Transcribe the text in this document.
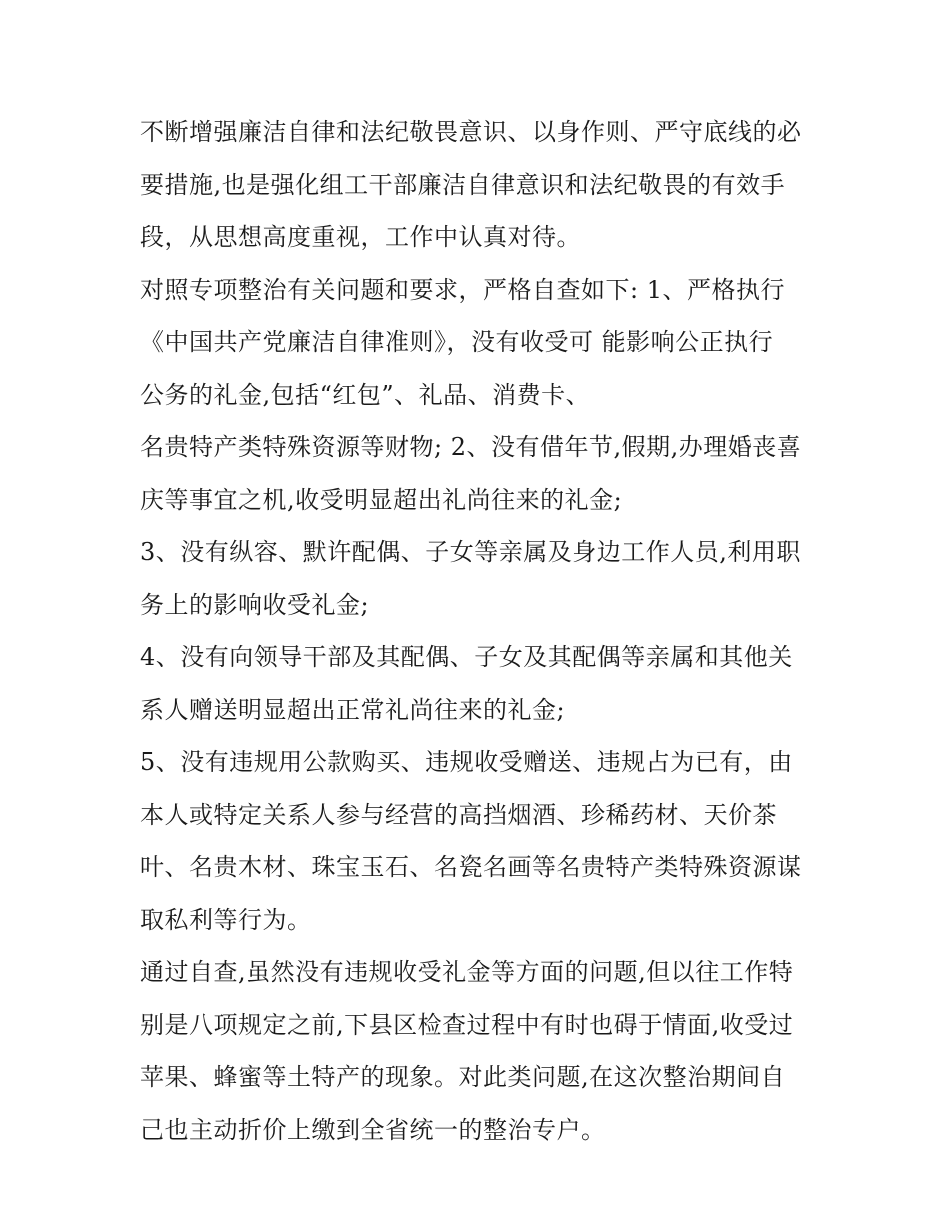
不断增强廉洁自律和法纪敬畏意识、以身作则、严守底线的必
要措施,也是强化组工干部廉洁自律意识和法纪敬畏的有效手
段，从思想高度重视，工作中认真对待。
对照专项整治有关问题和要求，严格自查如下: 1、严格执行
《中国共产党廉洁自律准则》，没有收受可 能影响公正执行
公务的礼金,包括“红包”、礼品、消费卡、
名贵特产类特殊资源等财物; 2、没有借年节,假期,办理婚丧喜
庆等事宜之机,收受明显超出礼尚往来的礼金;
3、没有纵容、默许配偶、子女等亲属及身边工作人员,利用职
务上的影响收受礼金;
4、没有向领导干部及其配偶、子女及其配偶等亲属和其他关
系人赠送明显超出正常礼尚往来的礼金;
5、没有违规用公款购买、违规收受赠送、违规占为已有，由
本人或特定关系人参与经营的高挡烟酒、珍稀药材、天价茶
叶、名贵木材、珠宝玉石、名瓷名画等名贵特产类特殊资源谋
取私利等行为。
通过自查,虽然没有违规收受礼金等方面的问题,但以往工作特
别是八项规定之前,下县区检查过程中有时也碍于情面,收受过
苹果、蜂蜜等土特产的现象。对此类问题,在这次整治期间自
己也主动折价上缴到全省统一的整治专户。
